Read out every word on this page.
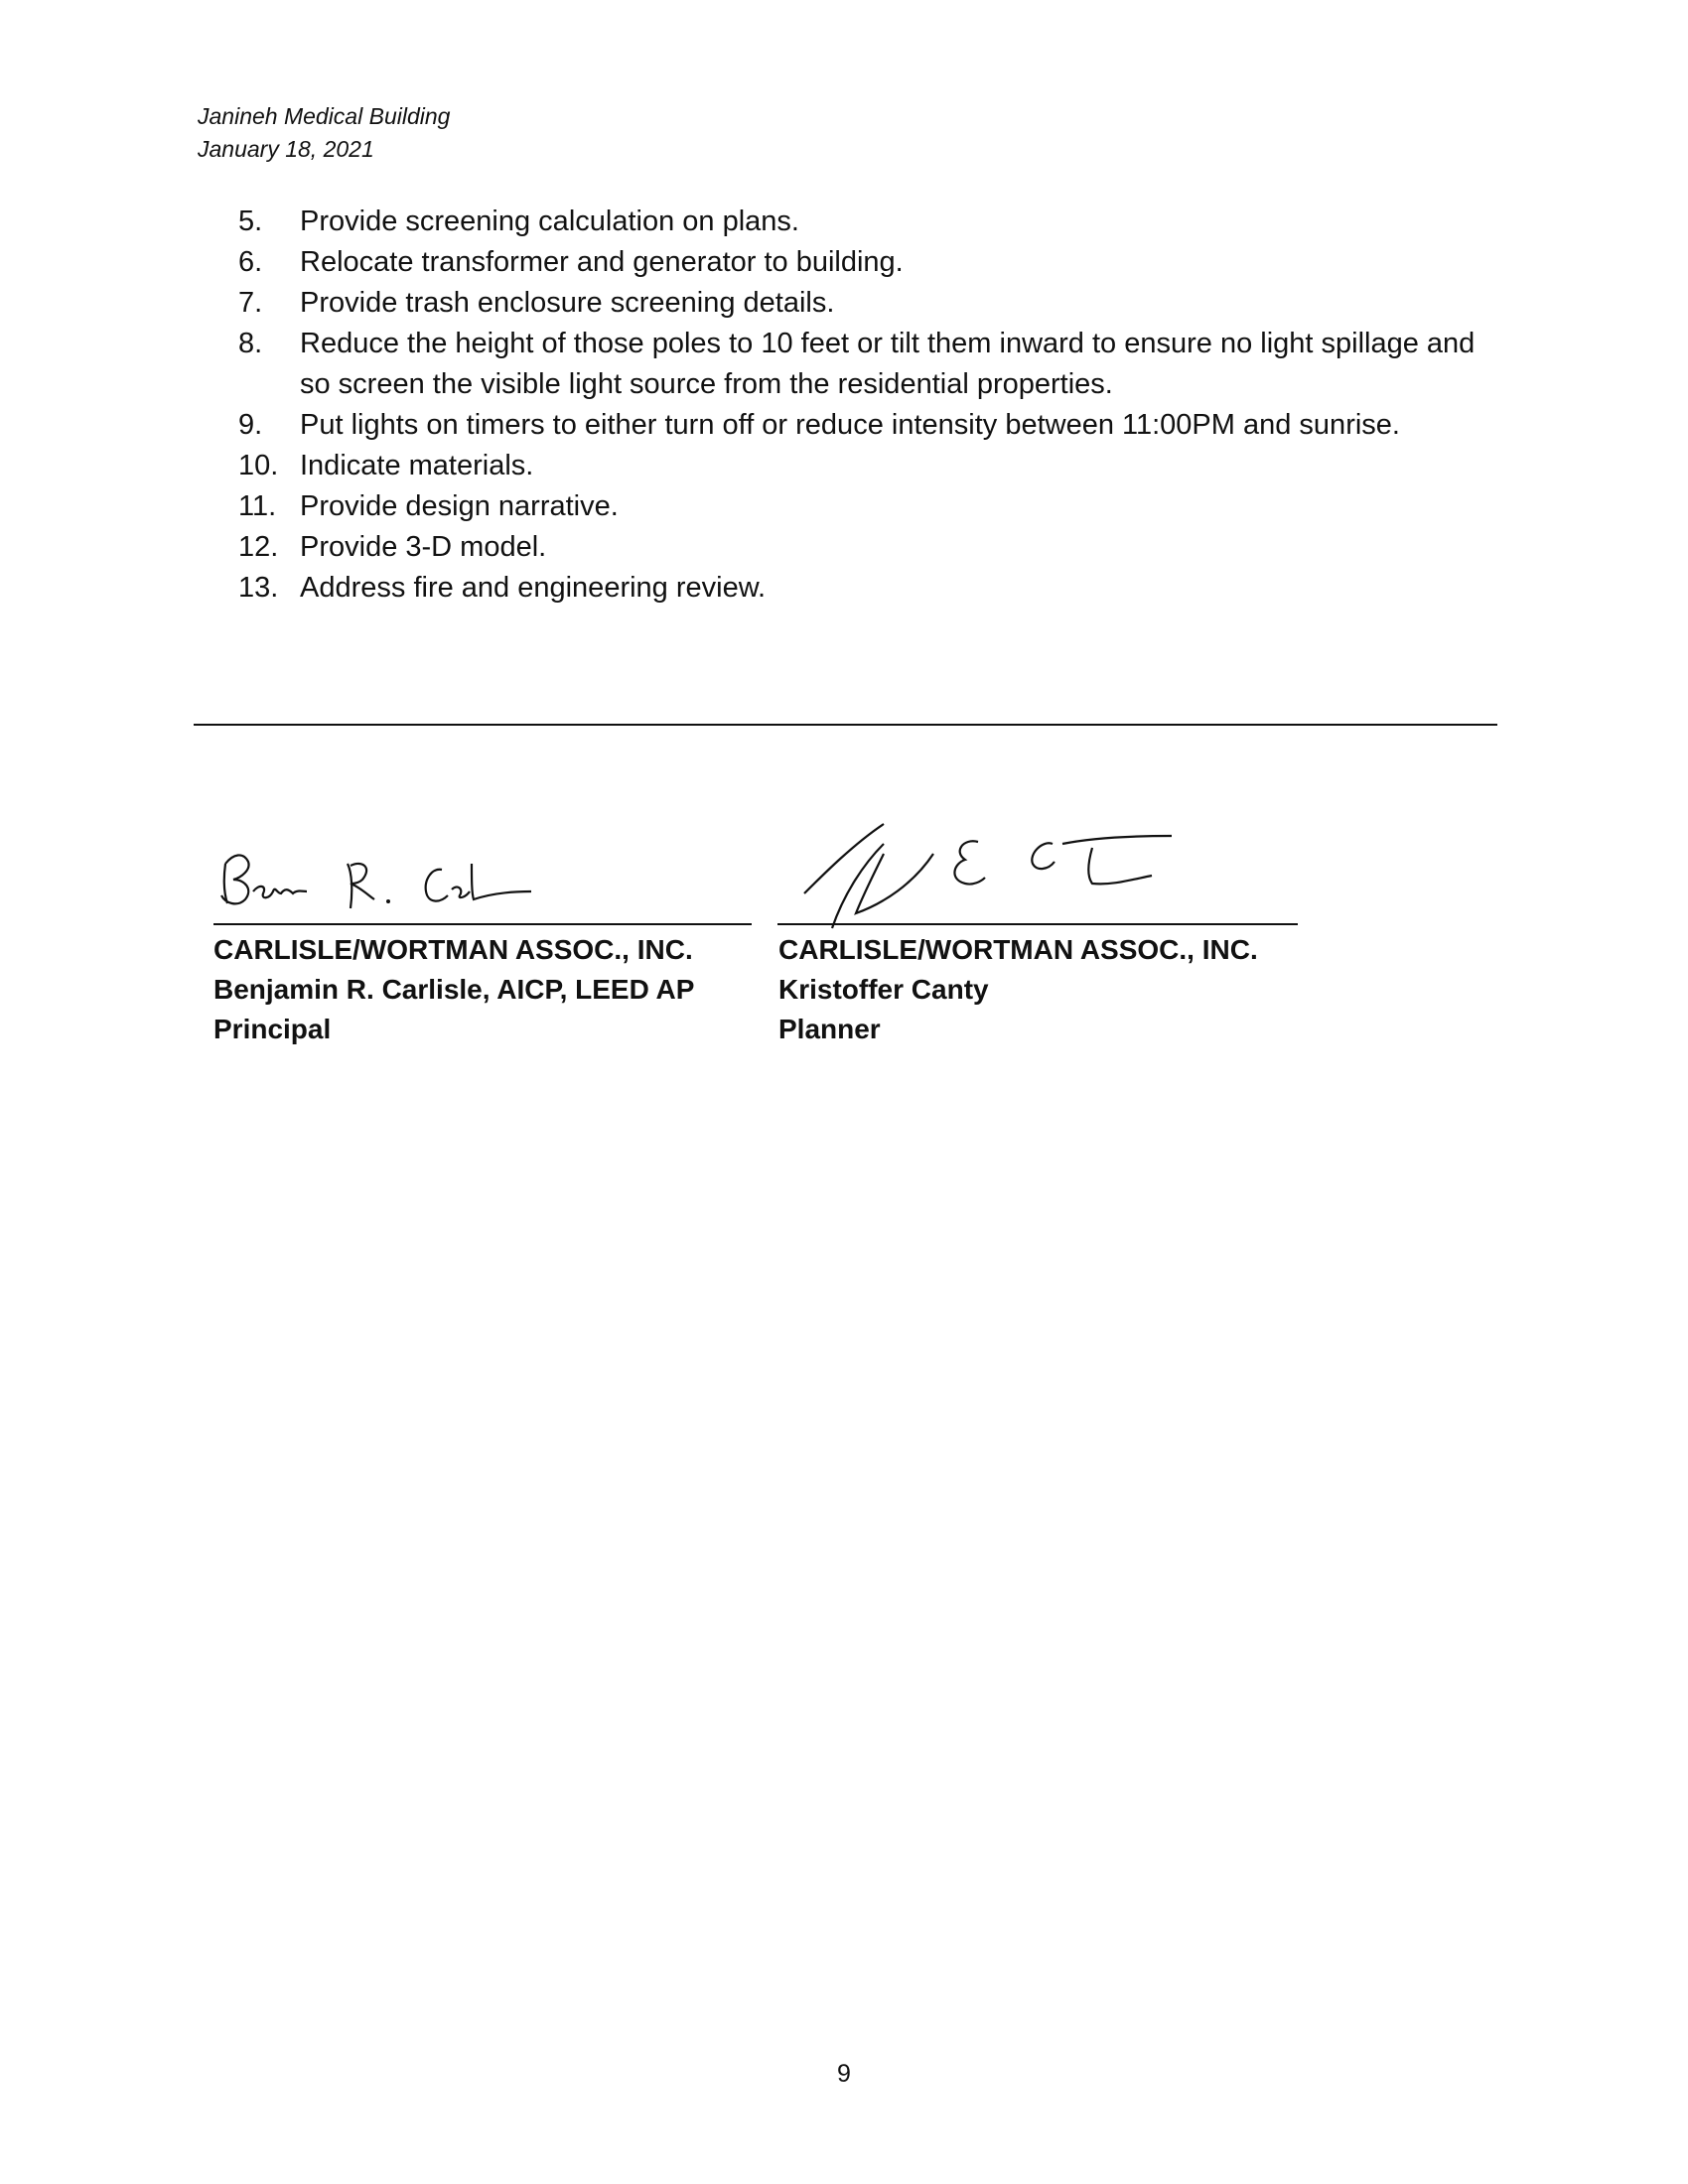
Janineh Medical Building
January 18, 2021
5.	Provide screening calculation on plans.
6.	Relocate transformer and generator to building.
7.	Provide trash enclosure screening details.
8.	Reduce the height of those poles to 10 feet or tilt them inward to ensure no light spillage and so screen the visible light source from the residential properties.
9.	Put lights on timers to either turn off or reduce intensity between 11:00PM and sunrise.
10. Indicate materials.
11. Provide design narrative.
12. Provide 3-D model.
13. Address fire and engineering review.
CARLISLE/WORTMAN ASSOC., INC.
Benjamin R. Carlisle, AICP, LEED AP
Principal
CARLISLE/WORTMAN ASSOC., INC.
Kristoffer Canty
Planner
9
